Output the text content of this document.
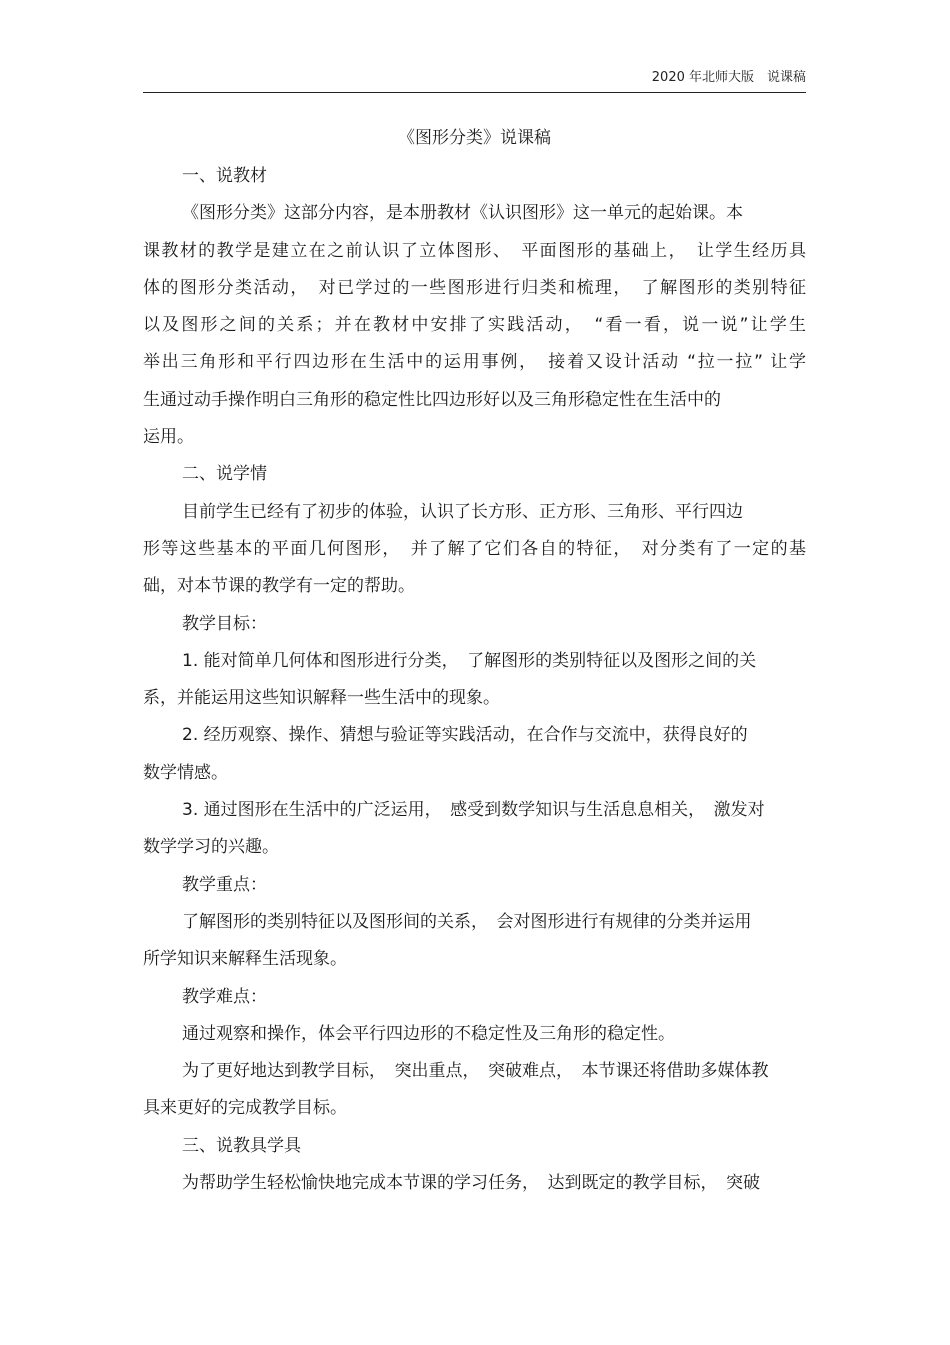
2020 年北师大版　说课稿
《图形分类》说课稿
一、说教材
《图形分类》这部分内容，是本册教材《认识图形》这一单元的起始课。本
课教材的教学是建立在之前认识了立体图形、　平面图形的基础上，　让学生经历具
体的图形分类活动，　对已学过的一些图形进行归类和梳理，　了解图形的类别特征
以及图形之间的关系；并在教材中安排了实践活动，　“看一看，说一说”让学生
举出三角形和平行四边形在生活中的运用事例，　接着又设计活动 “拉一拉” 让学
生通过动手操作明白三角形的稳定性比四边形好以及三角形稳定性在生活中的
运用。
二、说学情
目前学生已经有了初步的体验，认识了长方形、正方形、三角形、平行四边
形等这些基本的平面几何图形，　并了解了它们各自的特征，　对分类有了一定的基
础，对本节课的教学有一定的帮助。
教学目标：
1. 能对简单几何体和图形进行分类，　了解图形的类别特征以及图形之间的关
系，并能运用这些知识解释一些生活中的现象。
2. 经历观察、操作、猜想与验证等实践活动，在合作与交流中，获得良好的
数学情感。
3. 通过图形在生活中的广泛运用，　感受到数学知识与生活息息相关，　激发对
数学学习的兴趣。
教学重点：
了解图形的类别特征以及图形间的关系，　会对图形进行有规律的分类并运用
所学知识来解释生活现象。
教学难点：
通过观察和操作，体会平行四边形的不稳定性及三角形的稳定性。
为了更好地达到教学目标，　突出重点，　突破难点，　本节课还将借助多媒体教
具来更好的完成教学目标。
三、说教具学具
为帮助学生轻松愉快地完成本节课的学习任务，　达到既定的教学目标，　突破
